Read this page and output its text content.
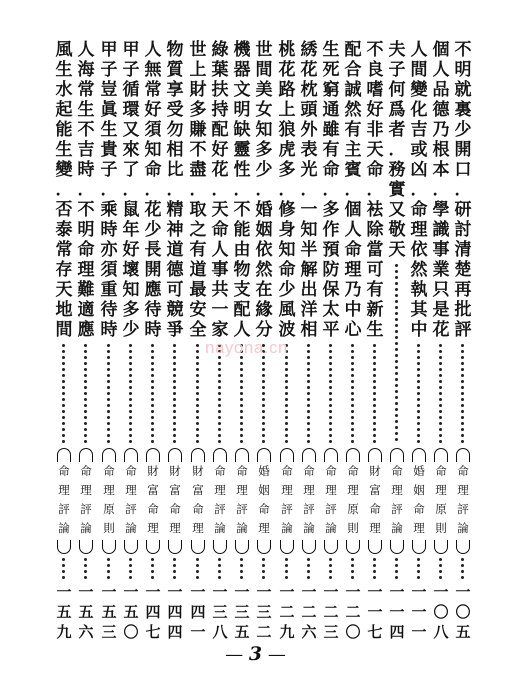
不
明
就
裏
少
開
口
．
研
討
清
楚
再
批
評
命
理
評
論
一
〇
五
個
人
品
德
乃
根
本
．
學
識
事
業
只
是
花
命
理
原
則
一
〇
八
人
間
變
化
吉
或
凶
．
命
理
依
然
執
其
中
婚
姻
命
理
一
一
一
夫
子
何
爲
者
．
務
實
又
敬
天
命
理
評
論
一
一
四
不
良
嗜
好
非
天
命
．
袪
除
當
可
有
新
生
財
富
命
理
一
一
七
配
合
誠
然
有
主
賓
．
個
人
命
理
乃
中
心
命
理
原
則
一
二
〇
生
死
窮
通
雖
有
命
．
多
作
預
防
保
太
平
命
理
評
論
一
二
三
綉
花
枕
頭
外
表
光
．
一
知
半
解
出
洋
相
命
理
評
論
一
二
六
桃
花
路
上
狼
虎
多
．
修
身
知
命
少
風
波
命
理
評
論
一
二
九
世
間
美
女
知
多
少
．
婚
姻
依
然
在
緣
分
婚
姻
命
理
一
三
二
機
器
文
明
缺
靈
性
．
不
能
由
物
支
配
人
命
理
評
論
一
三
五
綠
葉
扶
持
配
好
花
．
天
命
人
事
共
一
家
命
理
評
論
一
三
八
世
上
財
多
賺
不
盡
．
取
之
有
道
最
安
全
財
富
命
理
一
四
一
物
質
享
受
勿
相
比
．
精
神
道
德
可
競
爭
財
富
命
理
一
四
四
人
無
常
好
須
知
命
．
花
少
長
開
應
待
時
財
富
命
理
一
四
七
甲
子
循
環
又
來
了
．
鼠
年
好
壞
知
多
少
命
理
評
論
一
五
〇
甲
子
豈
眞
生
貴
子
．
乘
時
亦
須
重
待
時
命
理
原
則
一
五
三
人
海
常
生
不
吉
時
．
不
明
命
理
難
適
應
命
理
評
論
一
五
六
風
生
水
起
能
生
變
．
否
泰
常
存
天
地
間
命
理
評
論
一
五
九
nayona.cn
— 3 —
